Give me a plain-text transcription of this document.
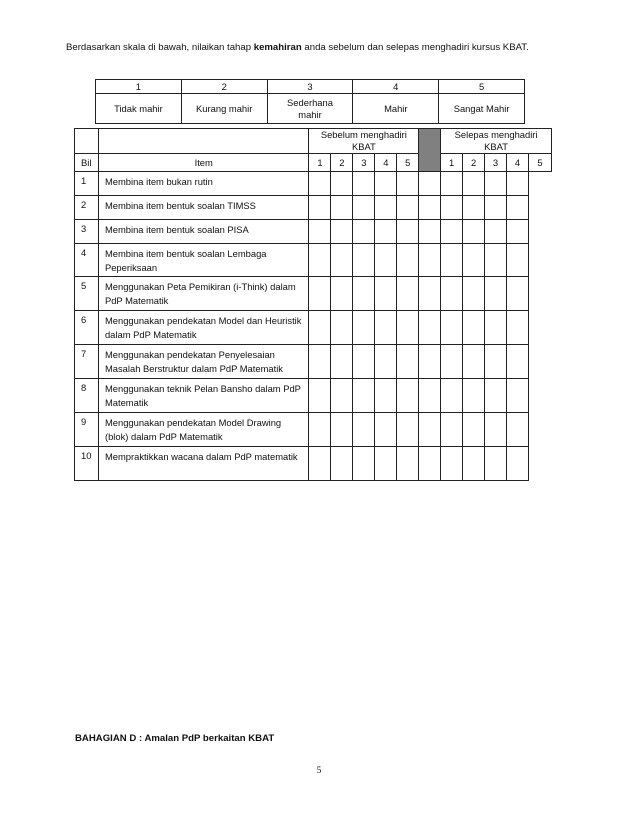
Berdasarkan skala di bawah, nilaikan tahap kemahiran anda sebelum dan selepas menghadiri kursus KBAT.

1	2	3	4	5
Tidak mahir	Kurang mahir	Sederhana mahir	Mahir	Sangat Mahir
		Sebelum menghadiri KBAT						Selepas menghadiri KBAT				
Bil	Item	1	2	3	4	5		1	2	3	4	5
1	Membina item bukan rutin											
2	Membina item bentuk soalan TIMSS											
3	Membina item bentuk soalan PISA											
4	Membina item bentuk soalan Lembaga Peperiksaan											
5	Menggunakan Peta Pemikiran (i-Think) dalam PdP Matematik											
6	Menggunakan pendekatan Model dan Heuristik dalam PdP Matematik											
7	Menggunakan pendekatan Penyelesaian Masalah Berstruktur dalam PdP Matematik											
8	Menggunakan teknik Pelan Bansho dalam PdP Matematik											
9	Menggunakan pendekatan Model Drawing (blok) dalam PdP Matematik											
10	Mempraktikkan wacana dalam PdP matematik											
BAHAGIAN D : Amalan PdP berkaitan KBAT
5
